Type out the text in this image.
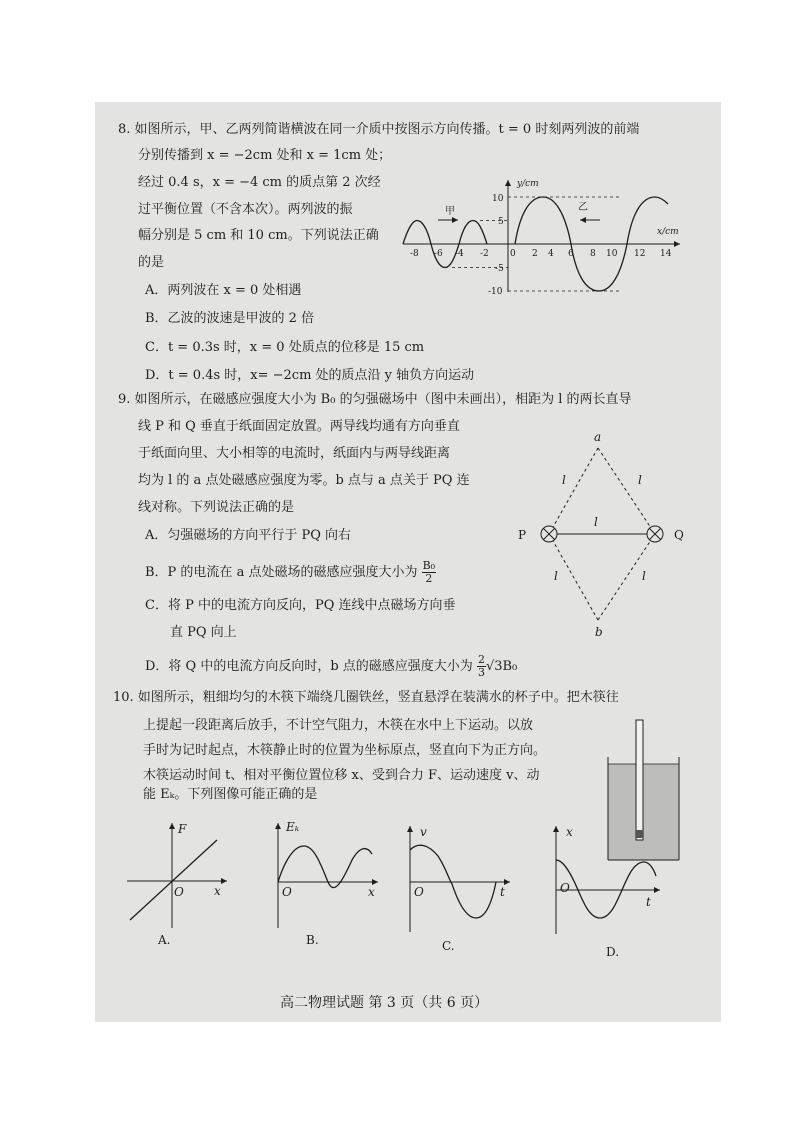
8. 如图所示，甲、乙两列简谐横波在同一介质中按图示方向传播。t = 0 时刻两列波的前端
分别传播到 x = −2cm 处和 x = 1cm 处；
经过 0.4 s，x = −4 cm 的质点第 2 次经
过平衡位置（不含本次）。两列波的振
幅分别是 5 cm 和 10 cm。下列说法正确
的是
A．两列波在 x = 0 处相遇
B．乙波的波速是甲波的 2 倍
C．t = 0.3s 时，x = 0 处质点的位移是 15 cm
D．t = 0.4s 时，x= −2cm 处的质点沿 y 轴负方向运动
甲	乙
y/cm
x/cm
-8 -6 -4 -2 0 2 4 6 8 10 12 14
10
5
-5
-10
9. 如图所示，在磁感应强度大小为 B₀ 的匀强磁场中（图中未画出），相距为 l 的两长直导
线 P 和 Q 垂直于纸面固定放置。两导线均通有方向垂直
于纸面向里、大小相等的电流时，纸面内与两导线距离
均为 l 的 a 点处磁感应强度为零。b 点与 a 点关于 PQ 连
线对称。下列说法正确的是
A．匀强磁场的方向平行于 PQ 向右
B．P 的电流在 a 点处磁场的磁感应强度大小为 $\frac{\text{B₀}}{2}$
C．将 P 中的电流方向反向，PQ 连线中点磁场方向垂
直 PQ 向上
D．将 Q 中的电流方向反向时，b 点的磁感应强度大小为 $\frac{2}{3} √3B_0$
a
b
P	Q
l	l
l
l	l
10. 如图所示，粗细均匀的木筷下端绕几圈铁丝，竖直悬浮在装满水的杯子中。把木筷往
上提起一段距离后放手，不计空气阻力，木筷在水中上下运动。以放
手时为记时起点，木筷静止时的位置为坐标原点，竖直向下为正方向。
木筷运动时间 t、相对平衡位置位移 x、受到合力 F、运动速度 v、动
能 Eₖ。下列图像可能正确的是
F
x
O
A.
Eₖ
x
O
B.
v
t
O
C.
x
t
O
D.
高二物理试题 第 3 页（共 6 页）
